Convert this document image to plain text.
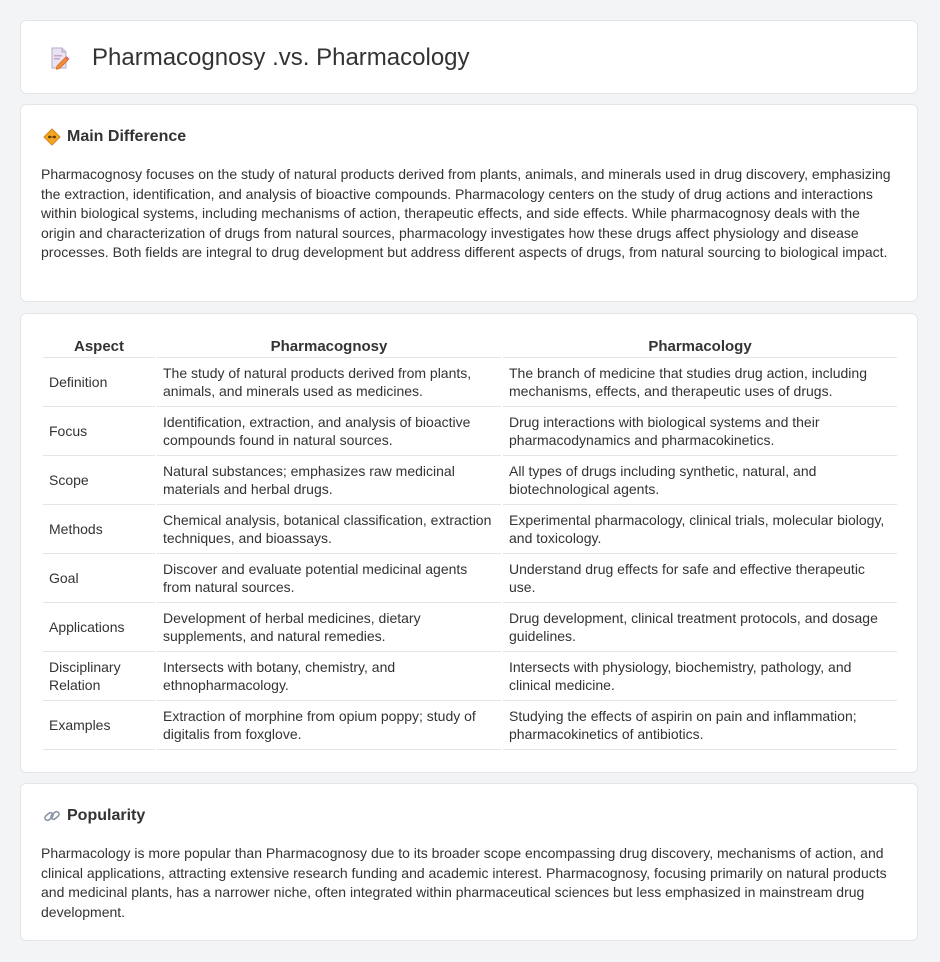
Pharmacognosy .vs. Pharmacology
Main Difference

Pharmacognosy focuses on the study of natural products derived from plants, animals, and minerals used in drug discovery, emphasizing the extraction, identification, and analysis of bioactive compounds. Pharmacology centers on the study of drug actions and interactions within biological systems, including mechanisms of action, therapeutic effects, and side effects. While pharmacognosy deals with the origin and characterization of drugs from natural sources, pharmacology investigates how these drugs affect physiology and disease processes. Both fields are integral to drug development but address different aspects of drugs, from natural sourcing to biological impact.

Aspect	Pharmacognosy	Pharmacology
Definition	The study of natural products derived from plants, animals, and minerals used as medicines.	The branch of medicine that studies drug action, including mechanisms, effects, and therapeutic uses of drugs.
Focus	Identification, extraction, and analysis of bioactive compounds found in natural sources.	Drug interactions with biological systems and their pharmacodynamics and pharmacokinetics.
Scope	Natural substances; emphasizes raw medicinal materials and herbal drugs.	All types of drugs including synthetic, natural, and biotechnological agents.
Methods	Chemical analysis, botanical classification, extraction techniques, and bioassays.	Experimental pharmacology, clinical trials, molecular biology, and toxicology.
Goal	Discover and evaluate potential medicinal agents from natural sources.	Understand drug effects for safe and effective therapeutic use.
Applications	Development of herbal medicines, dietary supplements, and natural remedies.	Drug development, clinical treatment protocols, and dosage guidelines.
Disciplinary Relation	Intersects with botany, chemistry, and ethnopharmacology.	Intersects with physiology, biochemistry, pathology, and clinical medicine.
Examples	Extraction of morphine from opium poppy; study of digitalis from foxglove.	Studying the effects of aspirin on pain and inflammation; pharmacokinetics of antibiotics.
Popularity

Pharmacology is more popular than Pharmacognosy due to its broader scope encompassing drug discovery, mechanisms of action, and clinical applications, attracting extensive research funding and academic interest. Pharmacognosy, focusing primarily on natural products and medicinal plants, has a narrower niche, often integrated within pharmaceutical sciences but less emphasized in mainstream drug development.
